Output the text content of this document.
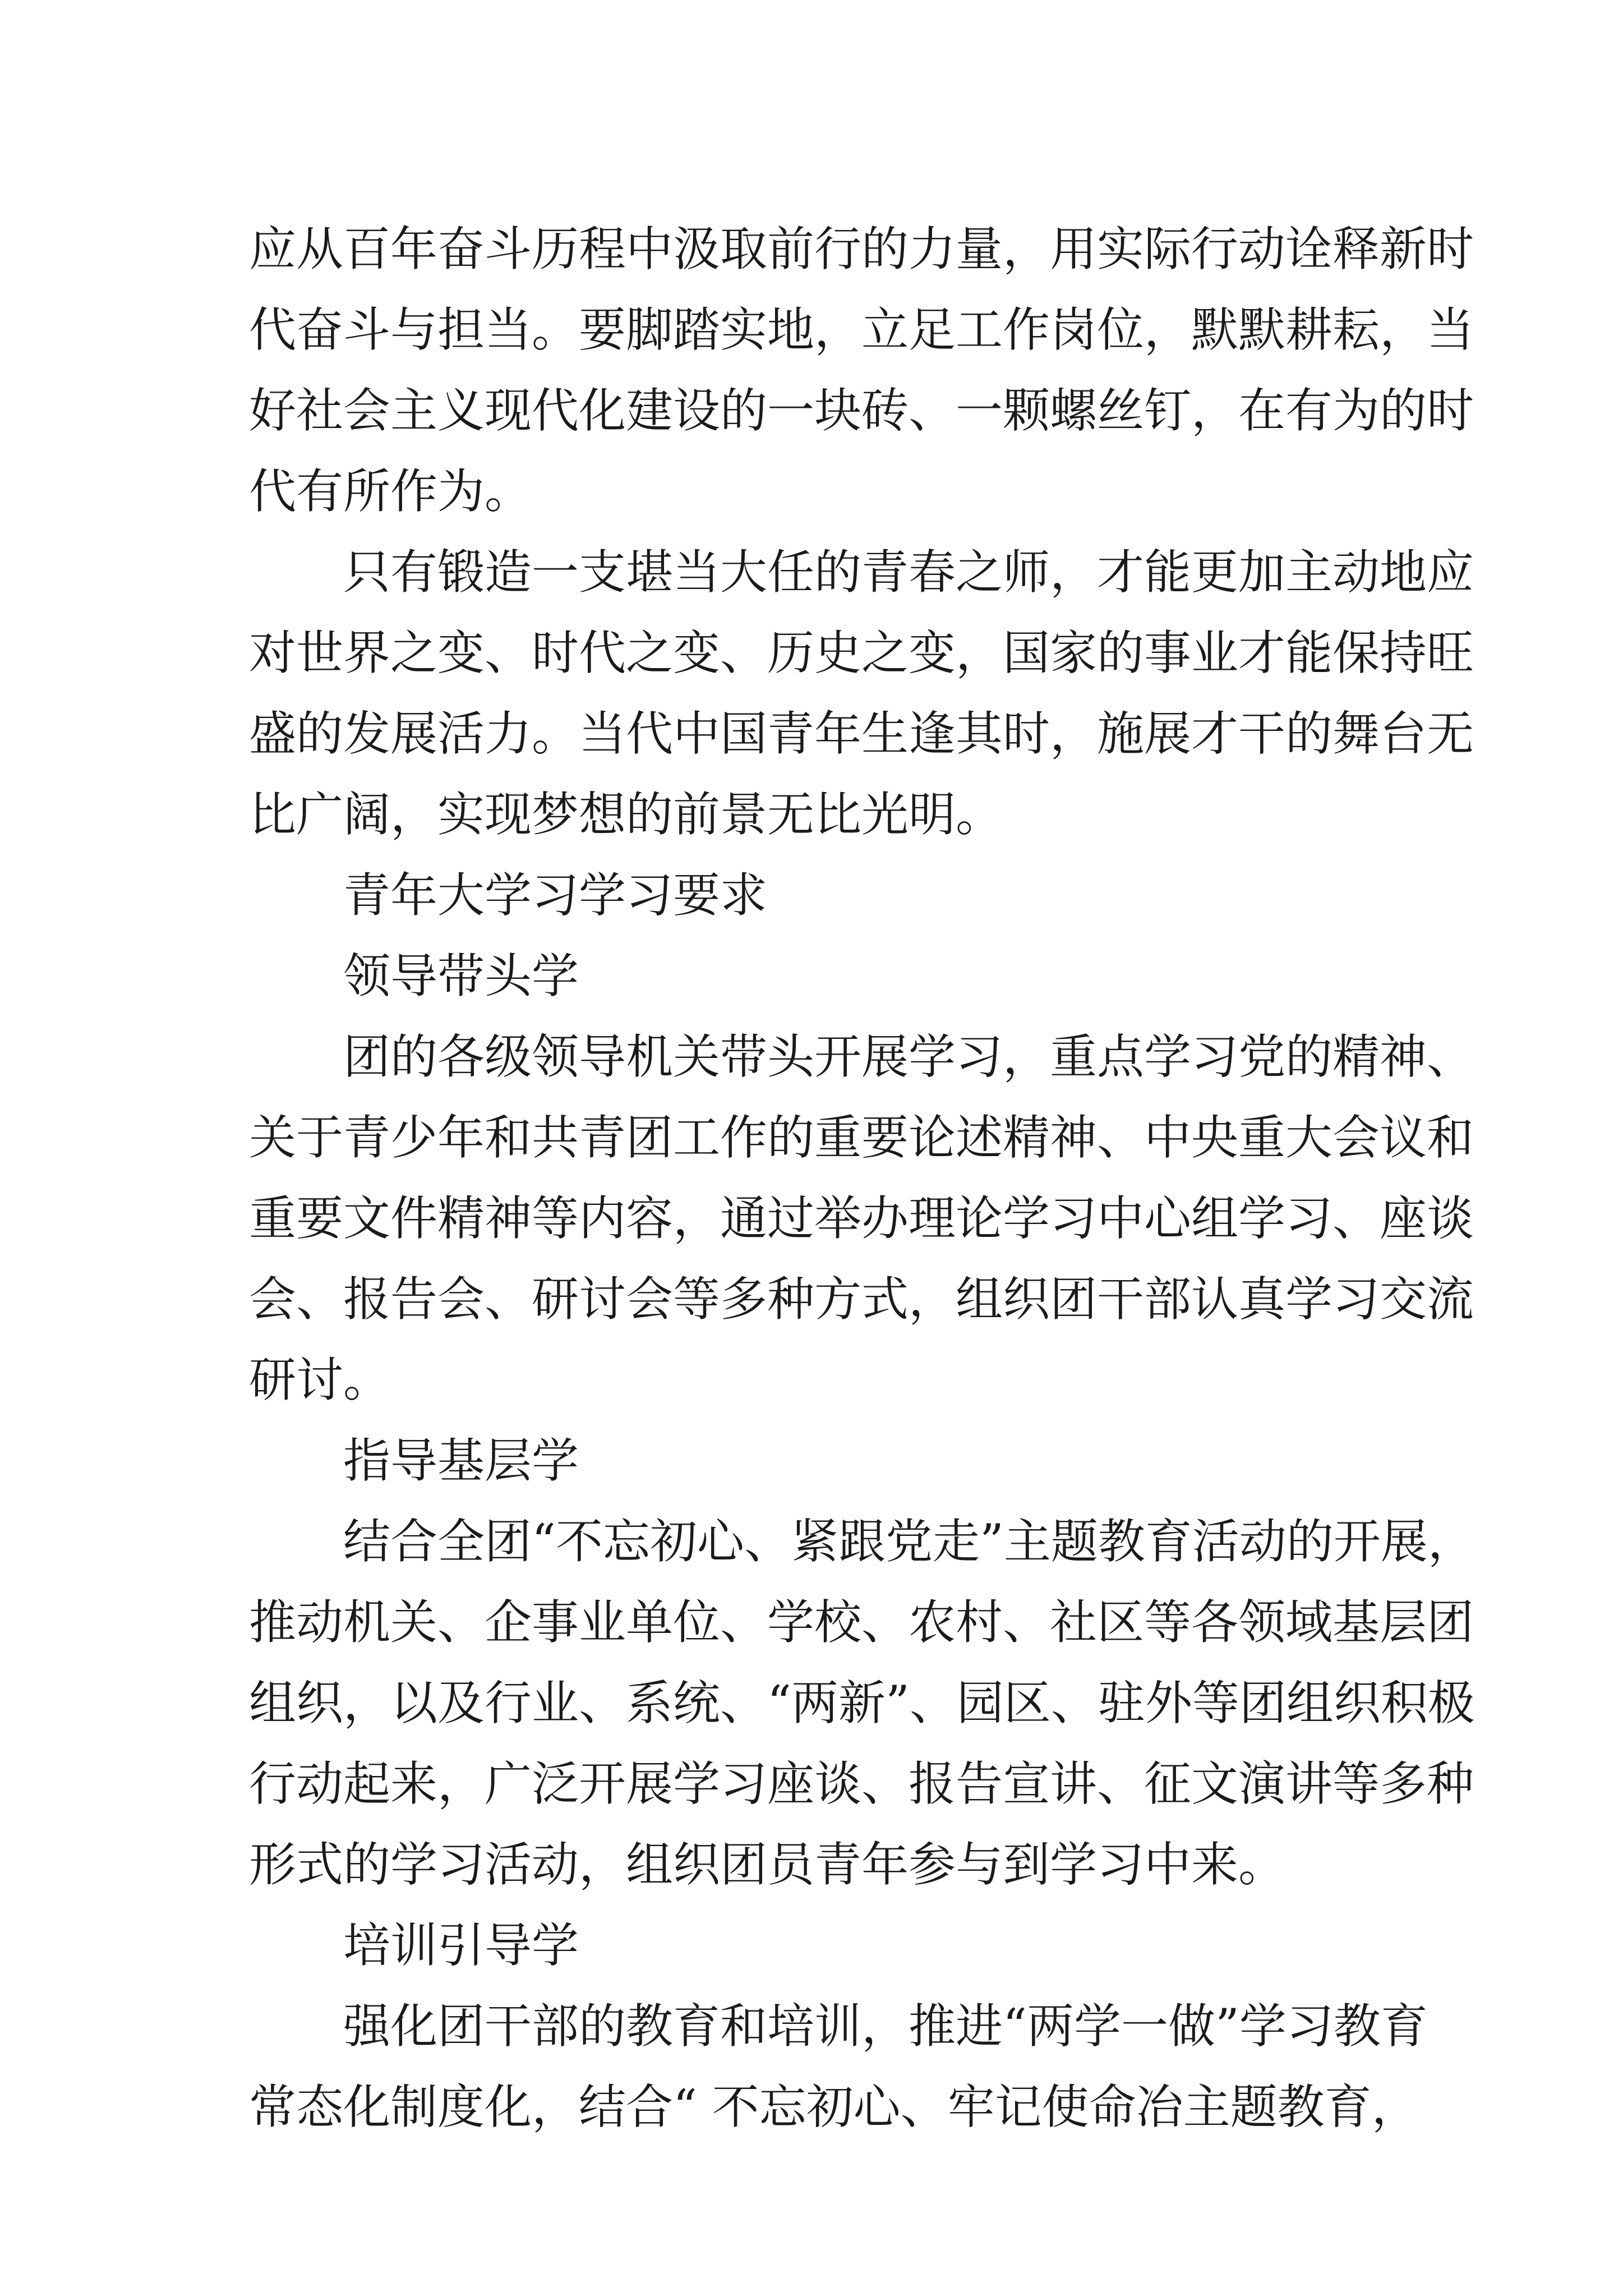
应从百年奋斗历程中汲取前行的力量，用实际行动诠释新时
代奋斗与担当。要脚踏实地，立足工作岗位，默默耕耘，当
好社会主义现代化建设的一块砖、一颗螺丝钉，在有为的时
代有所作为。
只有锻造一支堪当大任的青春之师，才能更加主动地应
对世界之变、时代之变、历史之变，国家的事业才能保持旺
盛的发展活力。当代中国青年生逢其时，施展才干的舞台无
比广阔，实现梦想的前景无比光明。
青年大学习学习要求
领导带头学
团的各级领导机关带头开展学习，重点学习党的精神、
关于青少年和共青团工作的重要论述精神、中央重大会议和
重要文件精神等内容，通过举办理论学习中心组学习、座谈
会、报告会、研讨会等多种方式，组织团干部认真学习交流
研讨。
指导基层学
结合全团“不忘初心、紧跟党走”主题教育活动的开展，
推动机关、企事业单位、学校、农村、社区等各领域基层团
组织，以及行业、系统、“两新”、园区、驻外等团组织积极
行动起来，广泛开展学习座谈、报告宣讲、征文演讲等多种
形式的学习活动，组织团员青年参与到学习中来。
培训引导学
强化团干部的教育和培训，推进“两学一做”学习教育
常态化制度化，结合“ 不忘初心、牢记使命冶主题教育，
